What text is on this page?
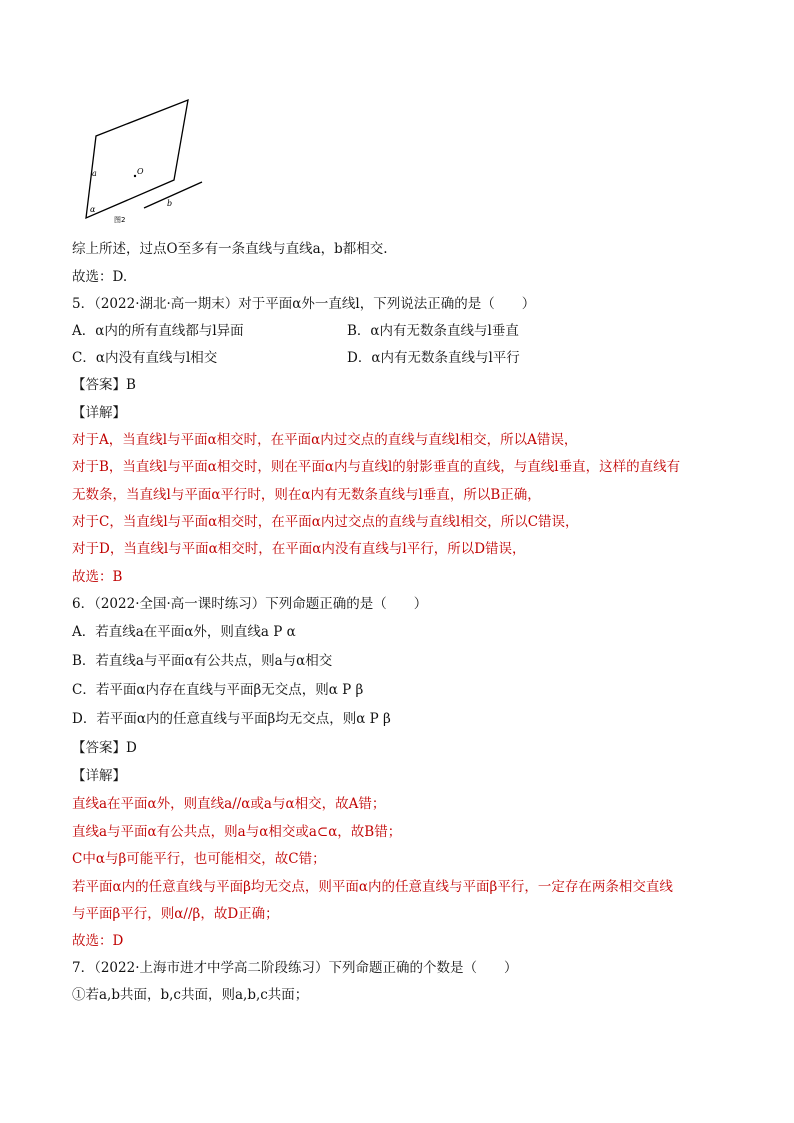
a	O
α
b
图2

综上所述，过点O至多有一条直线与直线a，b都相交.

故选：D.

5．（2022·湖北·高一期末）对于平面α外一直线l，下列说法正确的是（　　）

A．α内的所有直线都与l异面	B．α内有无数条直线与l垂直
C．α内没有直线与l相交	D．α内有无数条直线与l平行

【答案】B

【详解】

对于A，当直线l与平面α相交时，在平面α内过交点的直线与直线l相交，所以A错误，

对于B，当直线l与平面α相交时，则在平面α内与直线l的射影垂直的直线，与直线l垂直，这样的直线有

无数条，当直线l与平面α平行时，则在α内有无数条直线与l垂直，所以B正确，

对于C，当直线l与平面α相交时，在平面α内过交点的直线与直线l相交，所以C错误，

对于D，当直线l与平面α相交时，在平面α内没有直线与l平行，所以D错误，

故选：B

6．（2022·全国·高一课时练习）下列命题正确的是（　　）

A．若直线a在平面α外，则直线a P α

B．若直线a与平面α有公共点，则a与α相交

C．若平面α内存在直线与平面β无交点，则α P β

D．若平面α内的任意直线与平面β均无交点，则α P β

【答案】D

【详解】

直线a在平面α外，则直线a//α或a与α相交，故A错；

直线a与平面α有公共点，则a与α相交或a⊂α，故B错；

C中α与β可能平行，也可能相交，故C错；

若平面α内的任意直线与平面β均无交点，则平面α内的任意直线与平面β平行，一定存在两条相交直线

与平面β平行，则α//β，故D正确；

故选：D

7．（2022·上海市进才中学高二阶段练习）下列命题正确的个数是（　　）

①若a,b共面，b,c共面，则a,b,c共面；
